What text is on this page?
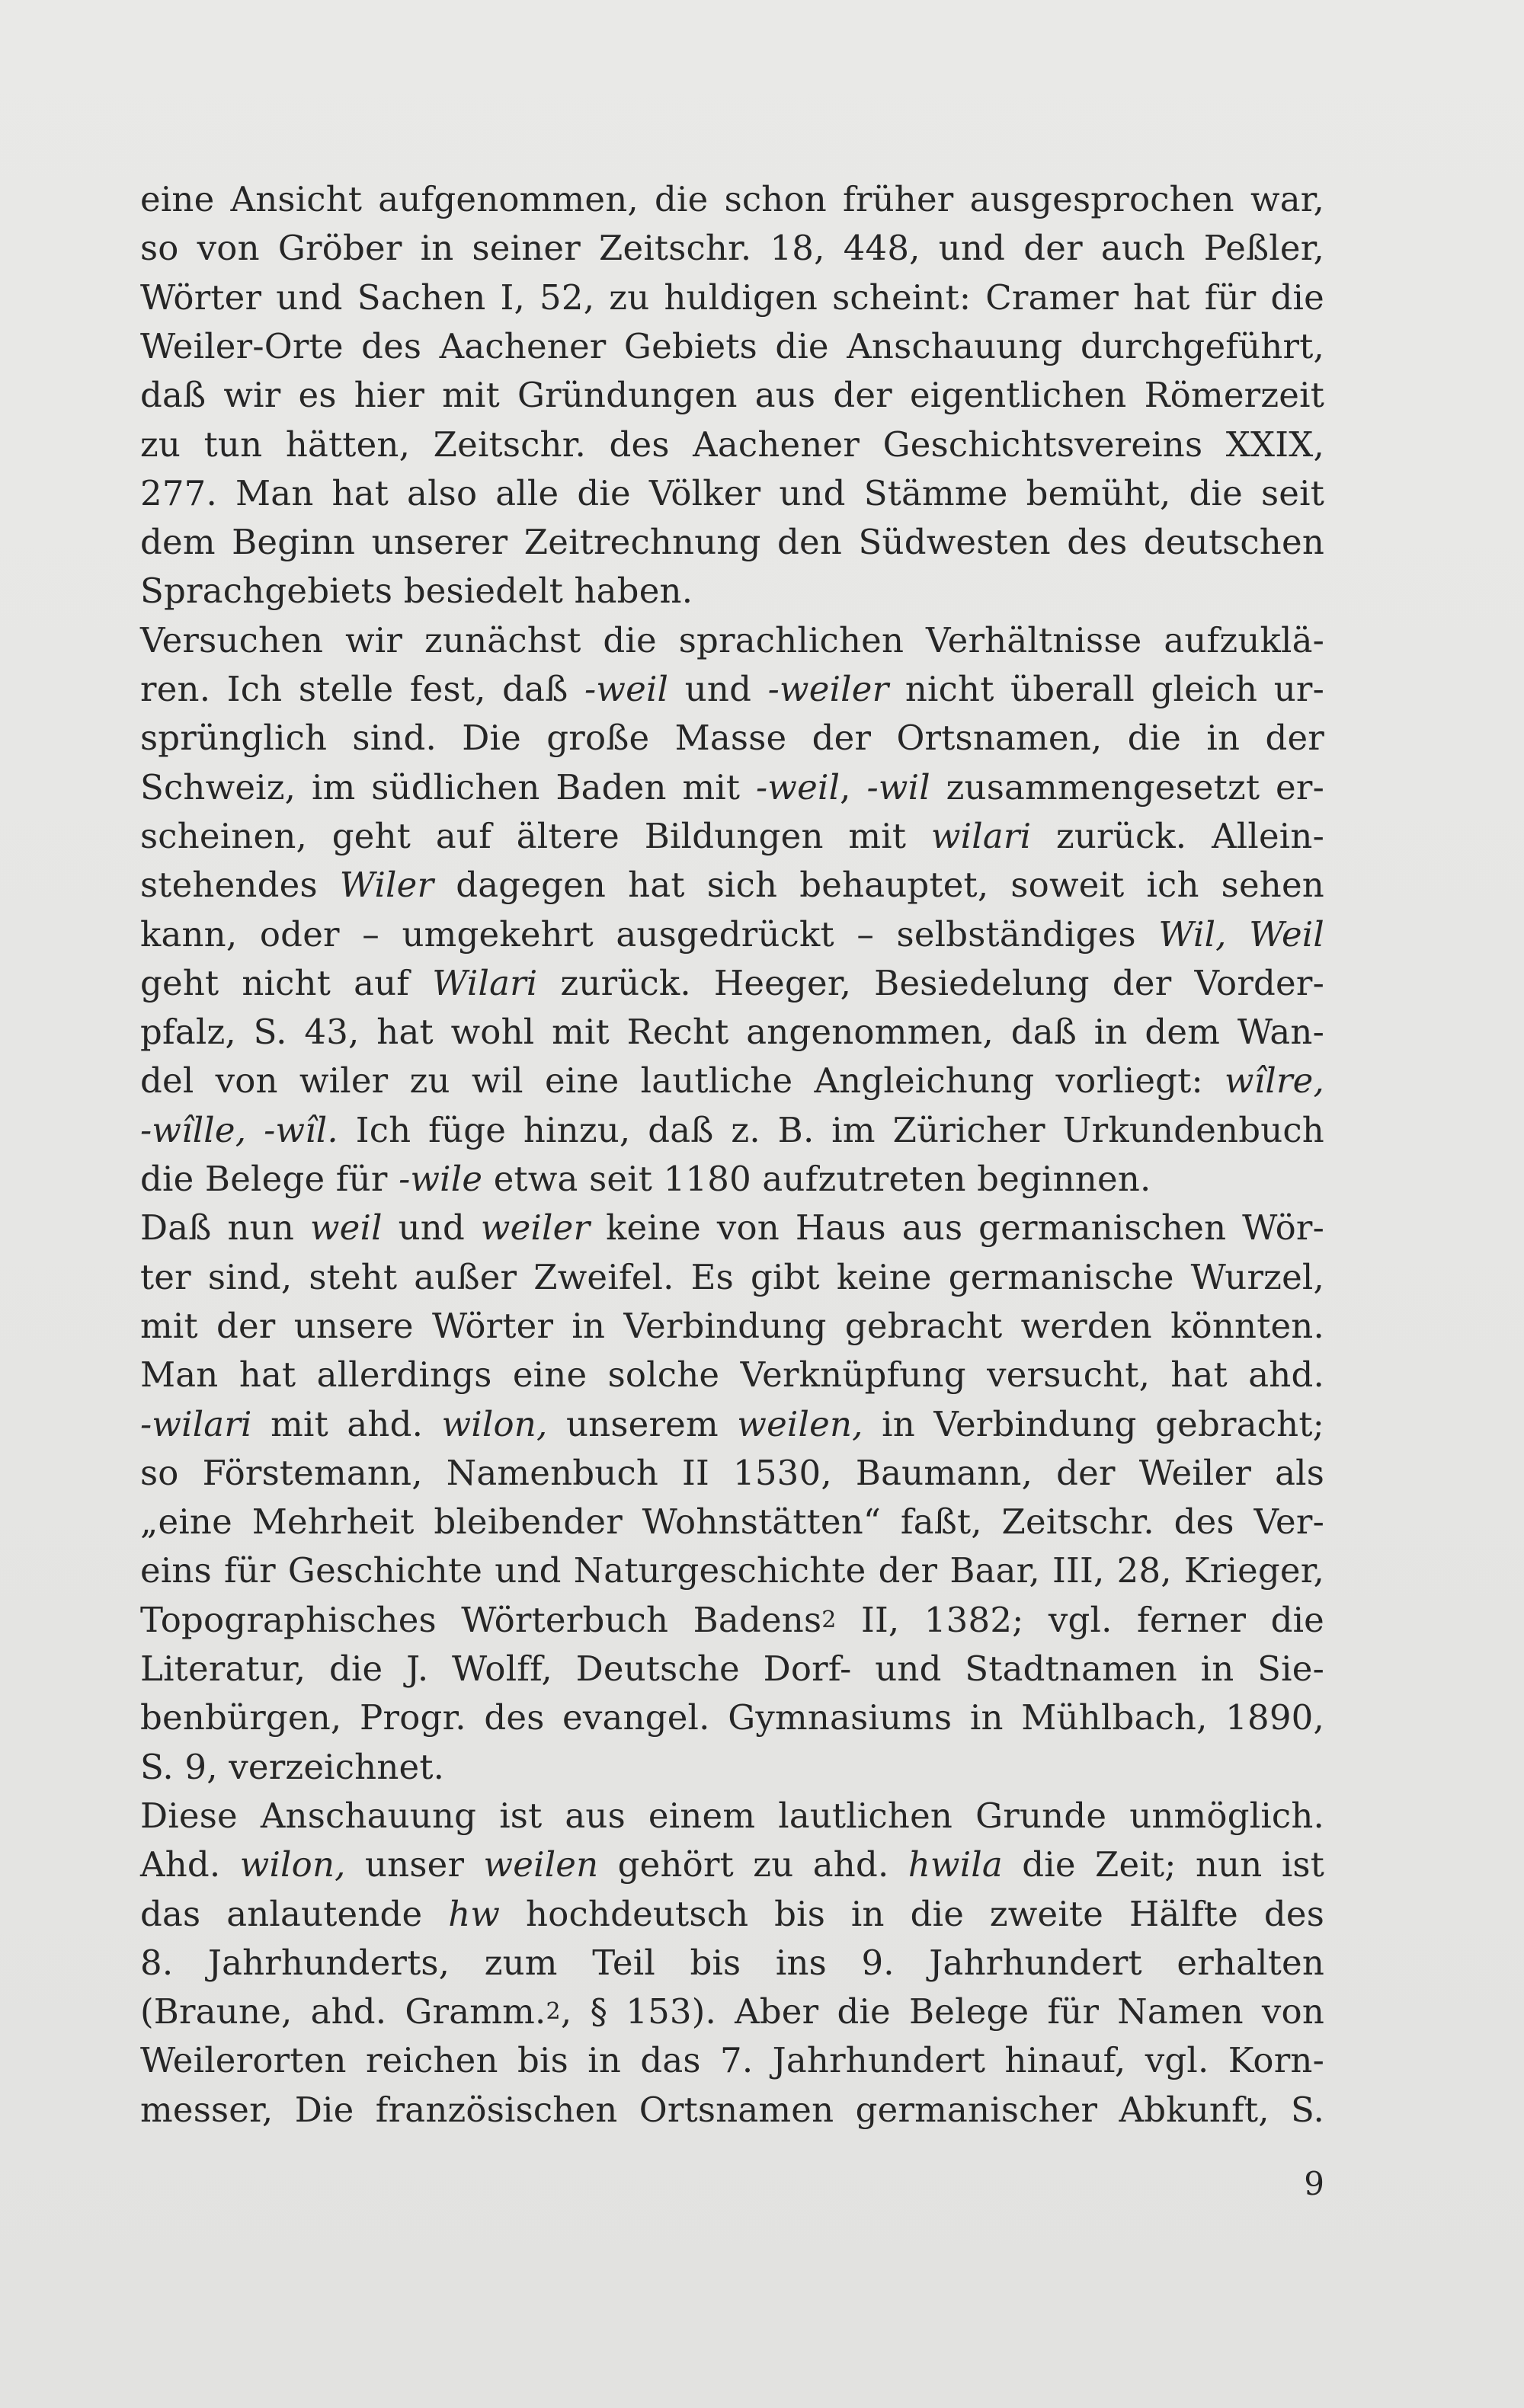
eine Ansicht aufgenommen, die schon früher ausgesprochen war,
so von Gröber in seiner Zeitschr. 18, 448, und der auch Peßler,
Wörter und Sachen I, 52, zu huldigen scheint: Cramer hat für die
Weiler-Orte des Aachener Gebiets die Anschauung durchgeführt,
daß wir es hier mit Gründungen aus der eigentlichen Römerzeit
zu tun hätten, Zeitschr. des Aachener Geschichtsvereins XXIX,
277. Man hat also alle die Völker und Stämme bemüht, die seit
dem Beginn unserer Zeitrechnung den Südwesten des deutschen
Sprachgebiets besiedelt haben.
Versuchen wir zunächst die sprachlichen Verhältnisse aufzuklä-
ren. Ich stelle fest, daß -weil und -weiler nicht überall gleich ur-
sprünglich sind. Die große Masse der Ortsnamen, die in der
Schweiz, im südlichen Baden mit -weil, -wil zusammengesetzt er-
scheinen, geht auf ältere Bildungen mit wilari zurück. Allein-
stehendes Wiler dagegen hat sich behauptet, soweit ich sehen
kann, oder – umgekehrt ausgedrückt – selbständiges Wil, Weil
geht nicht auf Wilari zurück. Heeger, Besiedelung der Vorder-
pfalz, S. 43, hat wohl mit Recht angenommen, daß in dem Wan-
del von wiler zu wil eine lautliche Angleichung vorliegt: wîlre,
-wîlle, -wîl. Ich füge hinzu, daß z. B. im Züricher Urkundenbuch
die Belege für -wile etwa seit 1180 aufzutreten beginnen.
Daß nun weil und weiler keine von Haus aus germanischen Wör-
ter sind, steht außer Zweifel. Es gibt keine germanische Wurzel,
mit der unsere Wörter in Verbindung gebracht werden könnten.
Man hat allerdings eine solche Verknüpfung versucht, hat ahd.
-wilari mit ahd. wilon, unserem weilen, in Verbindung gebracht;
so Förstemann, Namenbuch II 1530, Baumann, der Weiler als
„eine Mehrheit bleibender Wohnstätten“ faßt, Zeitschr. des Ver-
eins für Geschichte und Naturgeschichte der Baar, III, 28, Krieger,
Topographisches Wörterbuch Badens$^2$ II, 1382; vgl. ferner die
Literatur, die J. Wolff, Deutsche Dorf- und Stadtnamen in Sie-
benbürgen, Progr. des evangel. Gymnasiums in Mühlbach, 1890,
S. 9, verzeichnet.
Diese Anschauung ist aus einem lautlichen Grunde unmöglich.
Ahd. wilon, unser weilen gehört zu ahd. hwila die Zeit; nun ist
das anlautende hw hochdeutsch bis in die zweite Hälfte des
8. Jahrhunderts, zum Teil bis ins 9. Jahrhundert erhalten
(Braune, ahd. Gramm.$^2$, § 153). Aber die Belege für Namen von
Weilerorten reichen bis in das 7. Jahrhundert hinauf, vgl. Korn-
messer, Die französischen Ortsnamen germanischer Abkunft, S.
9
